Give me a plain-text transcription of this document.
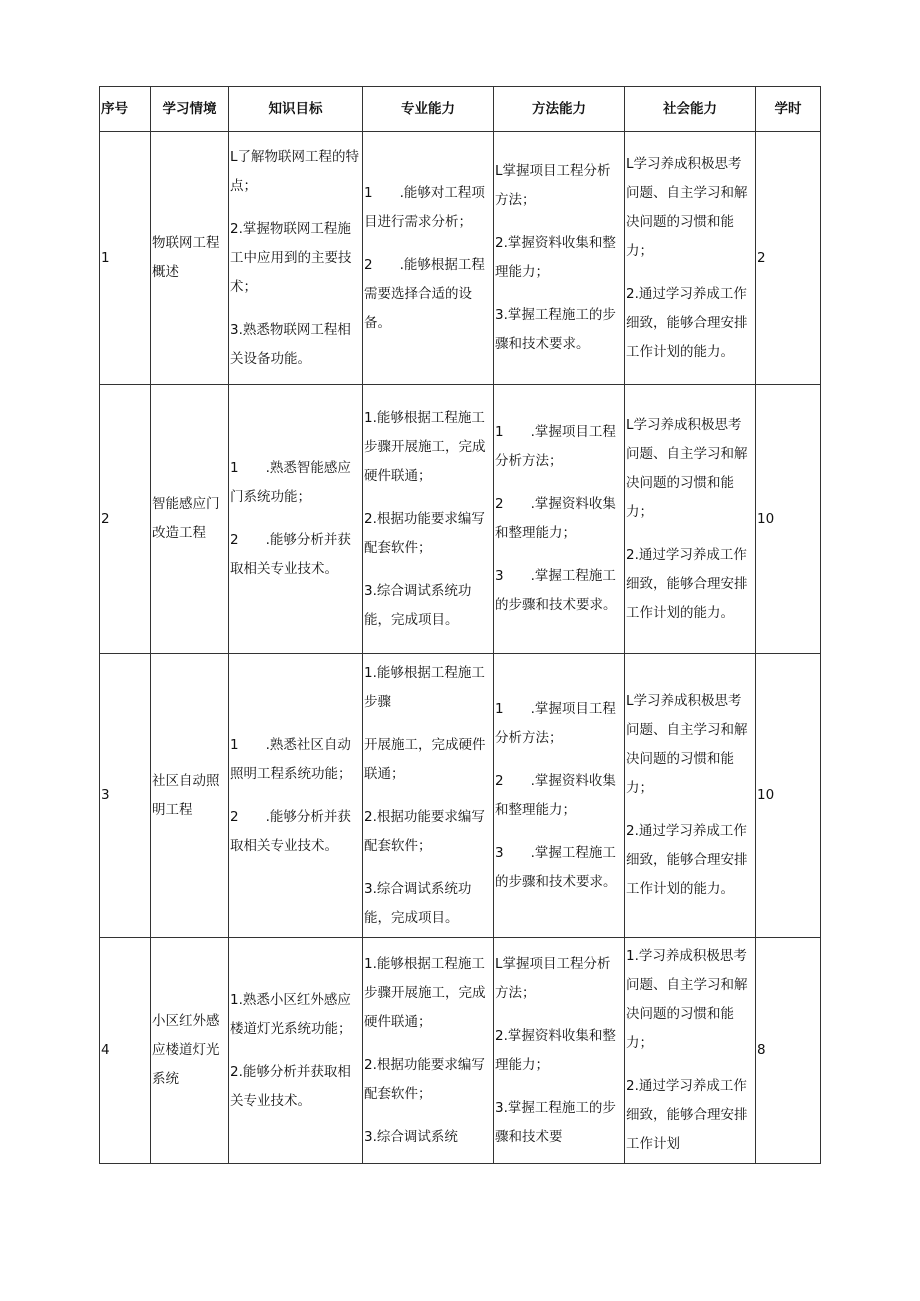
序号	学习情境	知识目标	专业能力	方法能力	社会能力	学时
1	物联网工程概述	L了解物联网工程的特点；
2.掌握物联网工程施工中应用到的主要技术；
3.熟悉物联网工程相关设备功能。	1　　.能够对工程项目进行需求分析；
2　　.能够根据工程需要选择合适的设备。	L掌握项目工程分析方法；
2.掌握资料收集和整理能力；
3.掌握工程施工的步骤和技术要求。	L学习养成积极思考问题、自主学习和解决问题的习惯和能力；
2.通过学习养成工作细致，能够合理安排工作计划的能力。	2
2	智能感应门改造工程	1　　.熟悉智能感应门系统功能；
2　　.能够分析并获取相关专业技术。	1.能够根据工程施工步骤开展施工，完成硬件联通；
2.根据功能要求编写配套软件；
3.综合调试系统功能，完成项目。	1　　.掌握项目工程分析方法；
2　　.掌握资料收集和整理能力；
3　　.掌握工程施工的步骤和技术要求。	L学习养成积极思考问题、自主学习和解决问题的习惯和能力；
2.通过学习养成工作细致，能够合理安排工作计划的能力。	10
3	社区自动照明工程	1　　.熟悉社区自动照明工程系统功能；
2　　.能够分析并获取相关专业技术。	1.能够根据工程施工步骤
开展施工，完成硬件联通；
2.根据功能要求编写配套软件；
3.综合调试系统功能，完成项目。	1　　.掌握项目工程分析方法；
2　　.掌握资料收集和整理能力；
3　　.掌握工程施工的步骤和技术要求。	L学习养成积极思考问题、自主学习和解决问题的习惯和能力；
2.通过学习养成工作细致，能够合理安排工作计划的能力。	10
4	小区红外感应楼道灯光系统	1.熟悉小区红外感应楼道灯光系统功能；
2.能够分析并获取相关专业技术。	1.能够根据工程施工步骤开展施工，完成硬件联通；
2.根据功能要求编写配套软件；
3.综合调试系统	L掌握项目工程分析方法；
2.掌握资料收集和整理能力；
3.掌握工程施工的步骤和技术要	1.学习养成积极思考问题、自主学习和解决问题的习惯和能力；
2.通过学习养成工作细致，能够合理安排工作计划	8
